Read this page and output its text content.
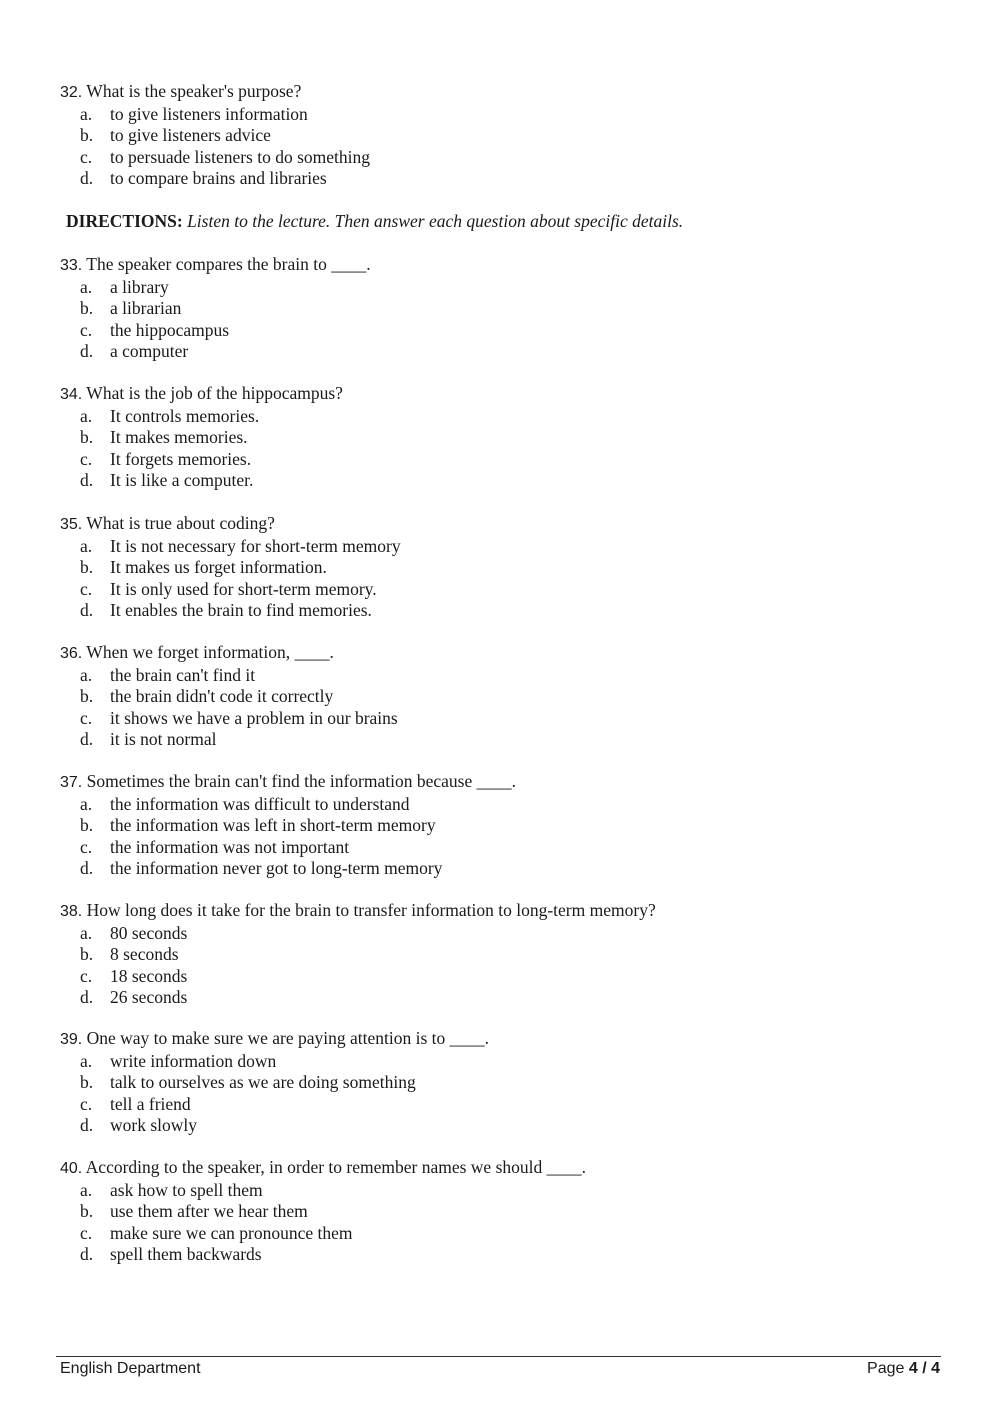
32. What is the speaker's purpose?
a. to give listeners information
b. to give listeners advice
c. to persuade listeners to do something
d. to compare brains and libraries
DIRECTIONS: Listen to the lecture. Then answer each question about specific details.
33. The speaker compares the brain to ____.
a. a library
b. a librarian
c. the hippocampus
d. a computer
34. What is the job of the hippocampus?
a. It controls memories.
b. It makes memories.
c. It forgets memories.
d. It is like a computer.
35. What is true about coding?
a. It is not necessary for short-term memory
b. It makes us forget information.
c. It is only used for short-term memory.
d. It enables the brain to find memories.
36. When we forget information, ____.
a. the brain can't find it
b. the brain didn't code it correctly
c. it shows we have a problem in our brains
d. it is not normal
37. Sometimes the brain can't find the information because ____.
a. the information was difficult to understand
b. the information was left in short-term memory
c. the information was not important
d. the information never got to long-term memory
38. How long does it take for the brain to transfer information to long-term memory?
a. 80 seconds
b. 8 seconds
c. 18 seconds
d. 26 seconds
39. One way to make sure we are paying attention is to ____.
a. write information down
b. talk to ourselves as we are doing something
c. tell a friend
d. work slowly
40. According to the speaker, in order to remember names we should ____.
a. ask how to spell them
b. use them after we hear them
c. make sure we can pronounce them
d. spell them backwards
English Department	Page 4 / 4
